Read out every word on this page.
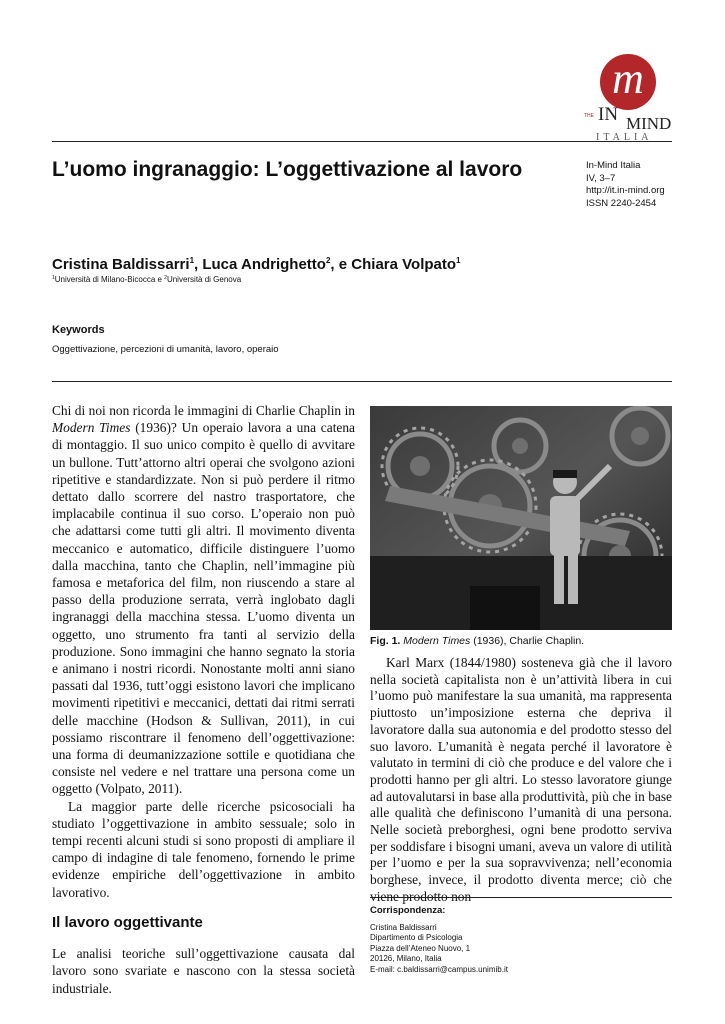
m
THE IN MIND
ITALIA
L’uomo ingranaggio: L’oggettivazione al lavoro	In-Mind Italia
IV, 3–7
http://it.in-mind.org
ISSN 2240-2454
Cristina Baldissarri$^1$, Luca Andrighetto$^2$, e Chiara Volpato$^1$
$^1$Università di Milano-Bicocca e $^2$Università di Genova
Keywords
Oggettivazione, percezioni di umanità, lavoro, operaio

Chi di noi non ricorda le immagini di Charlie Chaplin in Modern Times (1936)? Un operaio lavora a una catena di montaggio. Il suo unico compito è quello di avvitare un bullone. Tutt’attorno altri operai che svolgono azioni ripetitive e standardizzate. Non si può perdere il ritmo dettato dallo scorrere del nastro trasportatore, che implacabile continua il suo corso. L’operaio non può che adattarsi come tutti gli altri. Il movimento diventa meccanico e automatico, difficile distinguere l’uomo dalla macchina, tanto che Chaplin, nell’immagine più famosa e metaforica del film, non riuscendo a stare al passo della produzione serrata, verrà inglobato dagli ingranaggi della macchina stessa. L’uomo diventa un oggetto, uno strumento fra tanti al servizio della produzione. Sono immagini che hanno segnato la storia e animano i nostri ricordi. Nonostante molti anni siano passati dal 1936, tutt’oggi esistono lavori che implicano movimenti ripetitivi e meccanici, dettati dai ritmi serrati delle macchine (Hodson & Sullivan, 2011), in cui possiamo riscontrare il fenomeno dell’oggettivazione: una forma di deumanizzazione sottile e quotidiana che consiste nel vedere e nel trattare una persona come un oggetto (Volpato, 2011).

La maggior parte delle ricerche psicosociali ha studiato l’oggettivazione in ambito sessuale; solo in tempi recenti alcuni studi si sono proposti di ampliare il campo di indagine di tale fenomeno, fornendo le prime evidenze empiriche dell’oggettivazione in ambito lavorativo.

Il lavoro oggettivante

Le analisi teoriche sull’oggettivazione causata dal lavoro sono svariate e nascono con la stessa società industriale.

Fig. 1. Modern Times (1936), Charlie Chaplin.

Karl Marx (1844/1980) sosteneva già che il lavoro nella società capitalista non è un’attività libera in cui l’uomo può manifestare la sua umanità, ma rappresenta piuttosto un’imposizione esterna che depriva il lavoratore dalla sua autonomia e del prodotto stesso del suo lavoro. L’umanità è negata perché il lavoratore è valutato in termini di ciò che produce e del valore che i prodotti hanno per gli altri. Lo stesso lavoratore giunge ad autovalutarsi in base alla produttività, più che in base alle qualità che definiscono l’umanità di una persona. Nelle società preborghesi, ogni bene prodotto serviva per soddisfare i bisogni umani, aveva un valore di utilità per l’uomo e per la sua sopravvivenza; nell’economia borghese, invece, il prodotto diventa merce; ciò che viene prodotto non

Corrispondenza:
Cristina Baldissarri
Dipartimento di Psicologia
Piazza dell’Ateneo Nuovo, 1
20126, Milano, Italia
E-mail: c.baldissarri@campus.unimib.it
